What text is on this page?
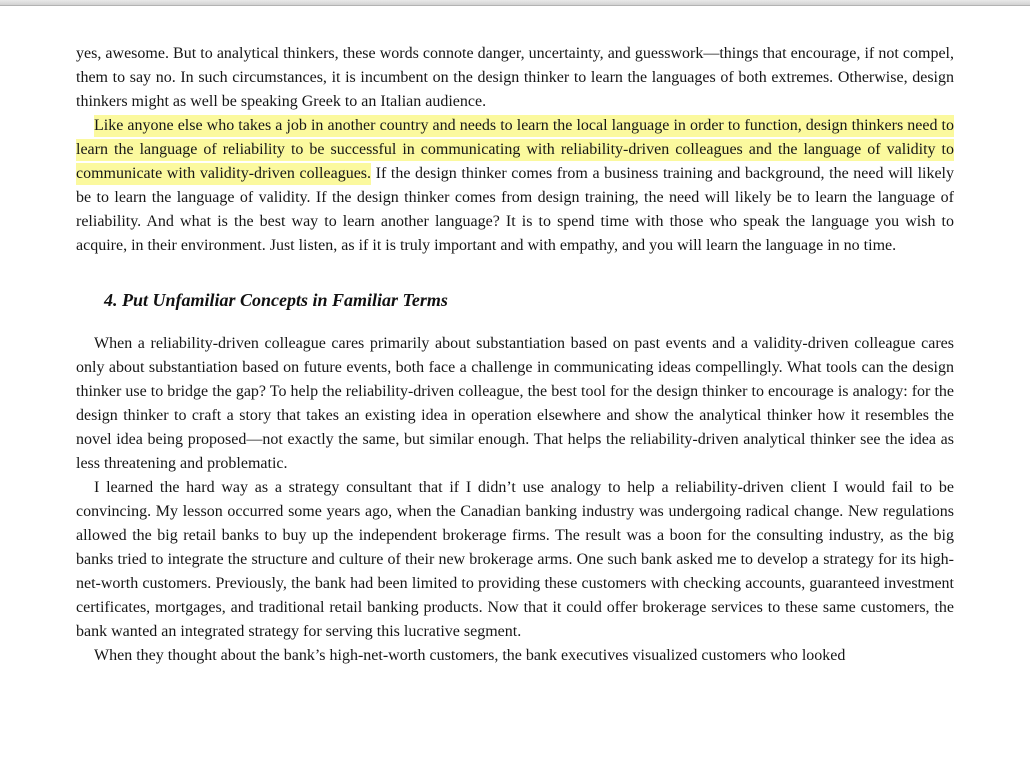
yes, awesome. But to analytical thinkers, these words connote danger, uncertainty, and guesswork—things that encourage, if not compel, them to say no. In such circumstances, it is incumbent on the design thinker to learn the languages of both extremes. Otherwise, design thinkers might as well be speaking Greek to an Italian audience.

Like anyone else who takes a job in another country and needs to learn the local language in order to function, design thinkers need to learn the language of reliability to be successful in communicating with reliability-driven colleagues and the language of validity to communicate with validity-driven colleagues. If the design thinker comes from a business training and background, the need will likely be to learn the language of validity. If the design thinker comes from design training, the need will likely be to learn the language of reliability. And what is the best way to learn another language? It is to spend time with those who speak the language you wish to acquire, in their environment. Just listen, as if it is truly important and with empathy, and you will learn the language in no time.

4. Put Unfamiliar Concepts in Familiar Terms

When a reliability-driven colleague cares primarily about substantiation based on past events and a validity-driven colleague cares only about substantiation based on future events, both face a challenge in communicating ideas compellingly. What tools can the design thinker use to bridge the gap? To help the reliability-driven colleague, the best tool for the design thinker to encourage is analogy: for the design thinker to craft a story that takes an existing idea in operation elsewhere and show the analytical thinker how it resembles the novel idea being proposed—not exactly the same, but similar enough. That helps the reliability-driven analytical thinker see the idea as less threatening and problematic.

I learned the hard way as a strategy consultant that if I didn’t use analogy to help a reliability-driven client I would fail to be convincing. My lesson occurred some years ago, when the Canadian banking industry was undergoing radical change. New regulations allowed the big retail banks to buy up the independent brokerage firms. The result was a boon for the consulting industry, as the big banks tried to integrate the structure and culture of their new brokerage arms. One such bank asked me to develop a strategy for its high-net-worth customers. Previously, the bank had been limited to providing these customers with checking accounts, guaranteed investment certificates, mortgages, and traditional retail banking products. Now that it could offer brokerage services to these same customers, the bank wanted an integrated strategy for serving this lucrative segment.

When they thought about the bank’s high-net-worth customers, the bank executives visualized customers who looked
